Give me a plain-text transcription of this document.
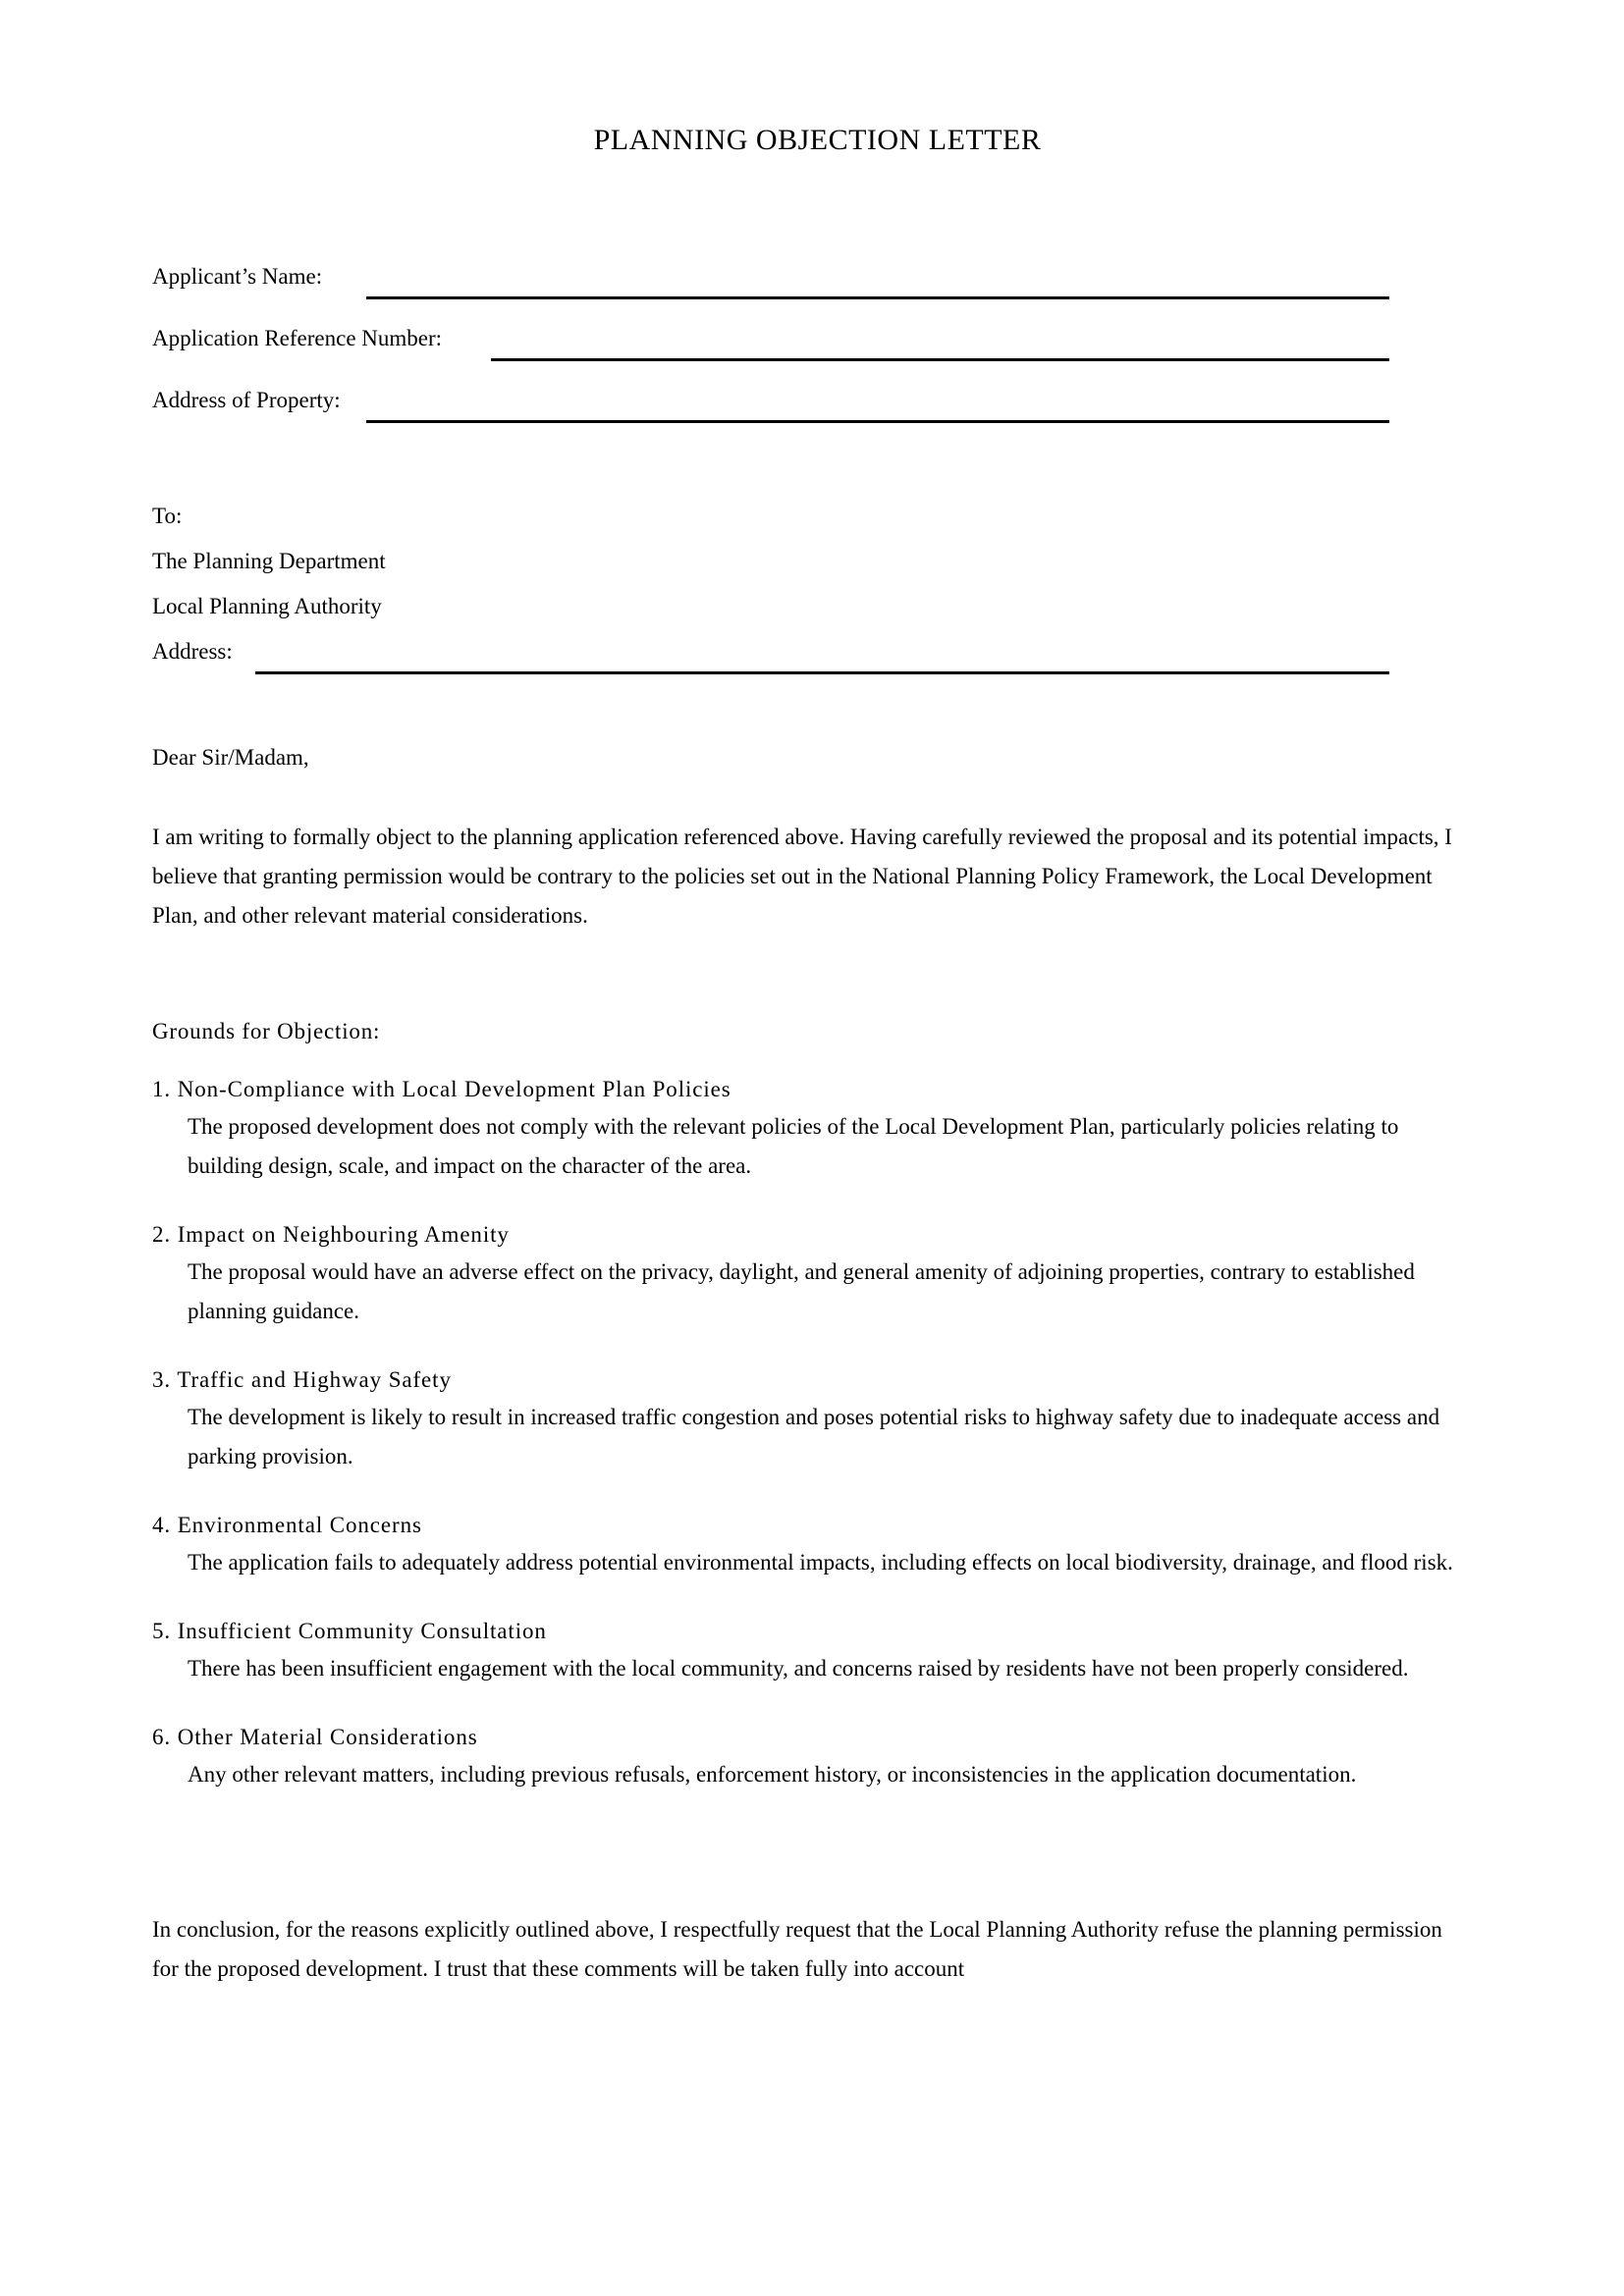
PLANNING OBJECTION LETTER
Applicant’s Name:
Application Reference Number:
Address of Property:
To:
The Planning Department
Local Planning Authority
Address:
Dear Sir/Madam,

I am writing to formally object to the planning application referenced above. Having carefully reviewed the proposal and its potential impacts, I believe that granting permission would be contrary to the policies set out in the National Planning Policy Framework, the Local Development Plan, and other relevant material considerations.

Grounds for Objection:
1. Non-Compliance with Local Development Plan Policies
The proposed development does not comply with the relevant policies of the Local Development Plan, particularly policies relating to building design, scale, and impact on the character of the area.
2. Impact on Neighbouring Amenity
The proposal would have an adverse effect on the privacy, daylight, and general amenity of adjoining properties, contrary to established planning guidance.
3. Traffic and Highway Safety
The development is likely to result in increased traffic congestion and poses potential risks to highway safety due to inadequate access and parking provision.
4. Environmental Concerns
The application fails to adequately address potential environmental impacts, including effects on local biodiversity, drainage, and flood risk.
5. Insufficient Community Consultation
There has been insufficient engagement with the local community, and concerns raised by residents have not been properly considered.
6. Other Material Considerations
Any other relevant matters, including previous refusals, enforcement history, or inconsistencies in the application documentation.

In conclusion, for the reasons explicitly outlined above, I respectfully request that the Local Planning Authority refuse the planning permission for the proposed development. I trust that these comments will be taken fully into account
